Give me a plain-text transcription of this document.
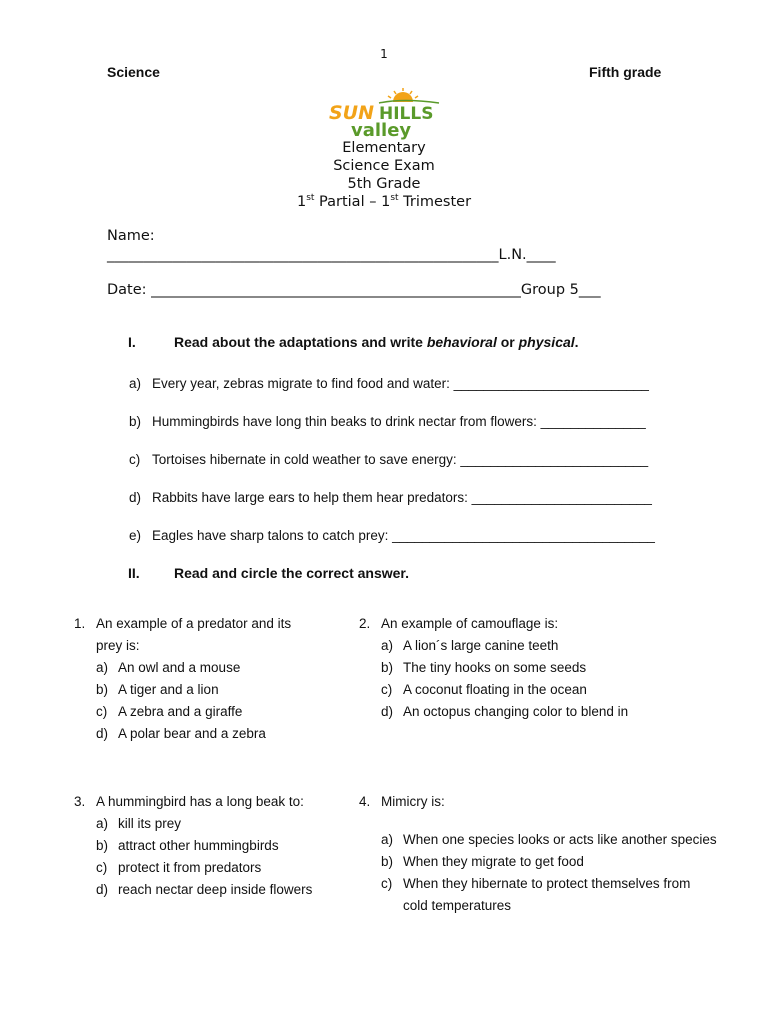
1
Science	Fifth grade
SUN HILLS
valley
Elementary
Science Exam
5th Grade
1st Partial – 1st Trimester
Name:
______________________________________________________L.N.____
Date: ___________________________________________________Group 5___
I.	Read about the adaptations and write behavioral or physical.
a) Every year, zebras migrate to find food and water: __________________________
b) Hummingbirds have long thin beaks to drink nectar from flowers: ______________
c) Tortoises hibernate in cold weather to save energy: _________________________
d) Rabbits have large ears to help them hear predators: ________________________
e) Eagles have sharp talons to catch prey: ___________________________________
II. Read and circle the correct answer.
1. An example of a predator and its prey is:
a) An owl and a mouse
b) A tiger and a lion
c) A zebra and a giraffe
d) A polar bear and a zebra
2. An example of camouflage is:
a) A lion´s large canine teeth
b) The tiny hooks on some seeds
c) A coconut floating in the ocean
d) An octopus changing color to blend in
3. A hummingbird has a long beak to:
a) kill its prey
b) attract other hummingbirds
c) protect it from predators
d) reach nectar deep inside flowers
4. Mimicry is:
a) When one species looks or acts like another species
b) When they migrate to get food
c) When they hibernate to protect themselves from
cold temperatures
